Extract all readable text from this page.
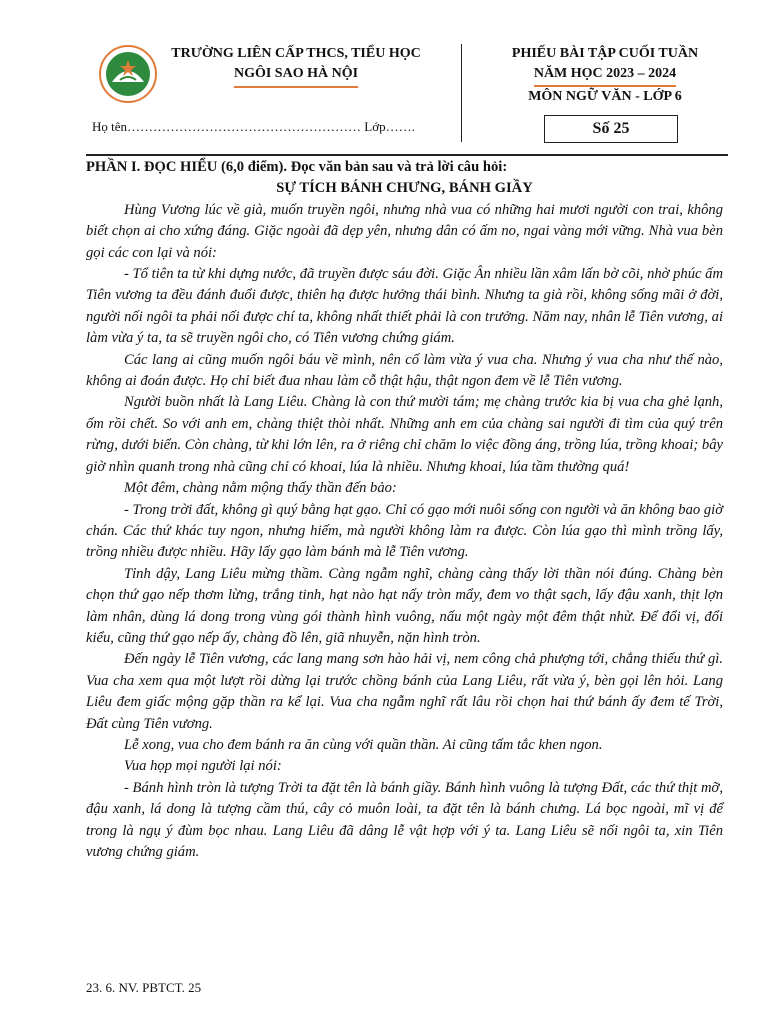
TRƯỜNG LIÊN CẤP THCS, TIỂU HỌC
NGÔI SAO HÀ NỘI
PHIẾU BÀI TẬP CUỐI TUẦN
NĂM HỌC 2023 – 2024
MÔN NGỮ VĂN - LỚP 6
Họ tên……………………………………………… Lớp…….	Số 25
PHẦN I. ĐỌC HIỂU (6,0 điểm). Đọc văn bản sau và trả lời câu hỏi:
SỰ TÍCH BÁNH CHƯNG, BÁNH GIẦY

Hùng Vương lúc về già, muốn truyền ngôi, nhưng nhà vua có những hai mươi người con trai, không biết chọn ai cho xứng đáng. Giặc ngoài đã dẹp yên, nhưng dân có ấm no, ngai vàng mới vững. Nhà vua bèn gọi các con lại và nói:

- Tổ tiên ta từ khi dựng nước, đã truyền được sáu đời. Giặc Ân nhiều lần xâm lấn bờ cõi, nhờ phúc ấm Tiên vương ta đều đánh đuổi được, thiên hạ được hưởng thái bình. Nhưng ta già rồi, không sống mãi ở đời, người nối ngôi ta phải nối được chí ta, không nhất thiết phải là con trưởng. Năm nay, nhân lễ Tiên vương, ai làm vừa ý ta, ta sẽ truyền ngôi cho, có Tiên vương chứng giám.

Các lang ai cũng muốn ngôi báu về mình, nên cố làm vừa ý vua cha. Nhưng ý vua cha như thế nào, không ai đoán được. Họ chỉ biết đua nhau làm cỗ thật hậu, thật ngon đem về lễ Tiên vương.

Người buồn nhất là Lang Liêu. Chàng là con thứ mười tám; mẹ chàng trước kia bị vua cha ghẻ lạnh, ốm rồi chết. So với anh em, chàng thiệt thòi nhất. Những anh em của chàng sai người đi tìm của quý trên rừng, dưới biển. Còn chàng, từ khi lớn lên, ra ở riêng chỉ chăm lo việc đồng áng, trồng lúa, trồng khoai; bây giờ nhìn quanh trong nhà cũng chỉ có khoai, lúa là nhiều. Nhưng khoai, lúa tầm thường quá!

Một đêm, chàng nằm mộng thấy thần đến bảo:

- Trong trời đất, không gì quý bằng hạt gạo. Chỉ có gạo mới nuôi sống con người và ăn không bao giờ chán. Các thứ khác tuy ngon, nhưng hiếm, mà người không làm ra được. Còn lúa gạo thì mình trồng lấy, trồng nhiều được nhiều. Hãy lấy gạo làm bánh mà lễ Tiên vương.

Tỉnh dậy, Lang Liêu mừng thầm. Càng ngẫm nghĩ, chàng càng thấy lời thần nói đúng. Chàng bèn chọn thứ gạo nếp thơm lừng, trắng tinh, hạt nào hạt nấy tròn mẩy, đem vo thật sạch, lấy đậu xanh, thịt lợn làm nhân, dùng lá dong trong vùng gói thành hình vuông, nấu một ngày một đêm thật nhừ. Để đổi vị, đổi kiểu, cũng thứ gạo nếp ấy, chàng đồ lên, giã nhuyễn, nặn hình tròn.

Đến ngày lễ Tiên vương, các lang mang sơn hào hải vị, nem công chả phượng tới, chẳng thiếu thứ gì. Vua cha xem qua một lượt rồi dừng lại trước chồng bánh của Lang Liêu, rất vừa ý, bèn gọi lên hỏi. Lang Liêu đem giấc mộng gặp thần ra kể lại. Vua cha ngẫm nghĩ rất lâu rồi chọn hai thứ bánh ấy đem tế Trời, Đất cùng Tiên vương.

Lễ xong, vua cho đem bánh ra ăn cùng với quần thần. Ai cũng tấm tắc khen ngon.

Vua họp mọi người lại nói:

- Bánh hình tròn là tượng Trời ta đặt tên là bánh giầy. Bánh hình vuông là tượng Đất, các thứ thịt mỡ, đậu xanh, lá dong là tượng cầm thú, cây cỏ muôn loài, ta đặt tên là bánh chưng. Lá bọc ngoài, mĩ vị để trong là ngụ ý đùm bọc nhau. Lang Liêu đã dâng lễ vật hợp với ý ta. Lang Liêu sẽ nối ngôi ta, xin Tiên vương chứng giám.

23. 6. NV. PBTCT. 25
